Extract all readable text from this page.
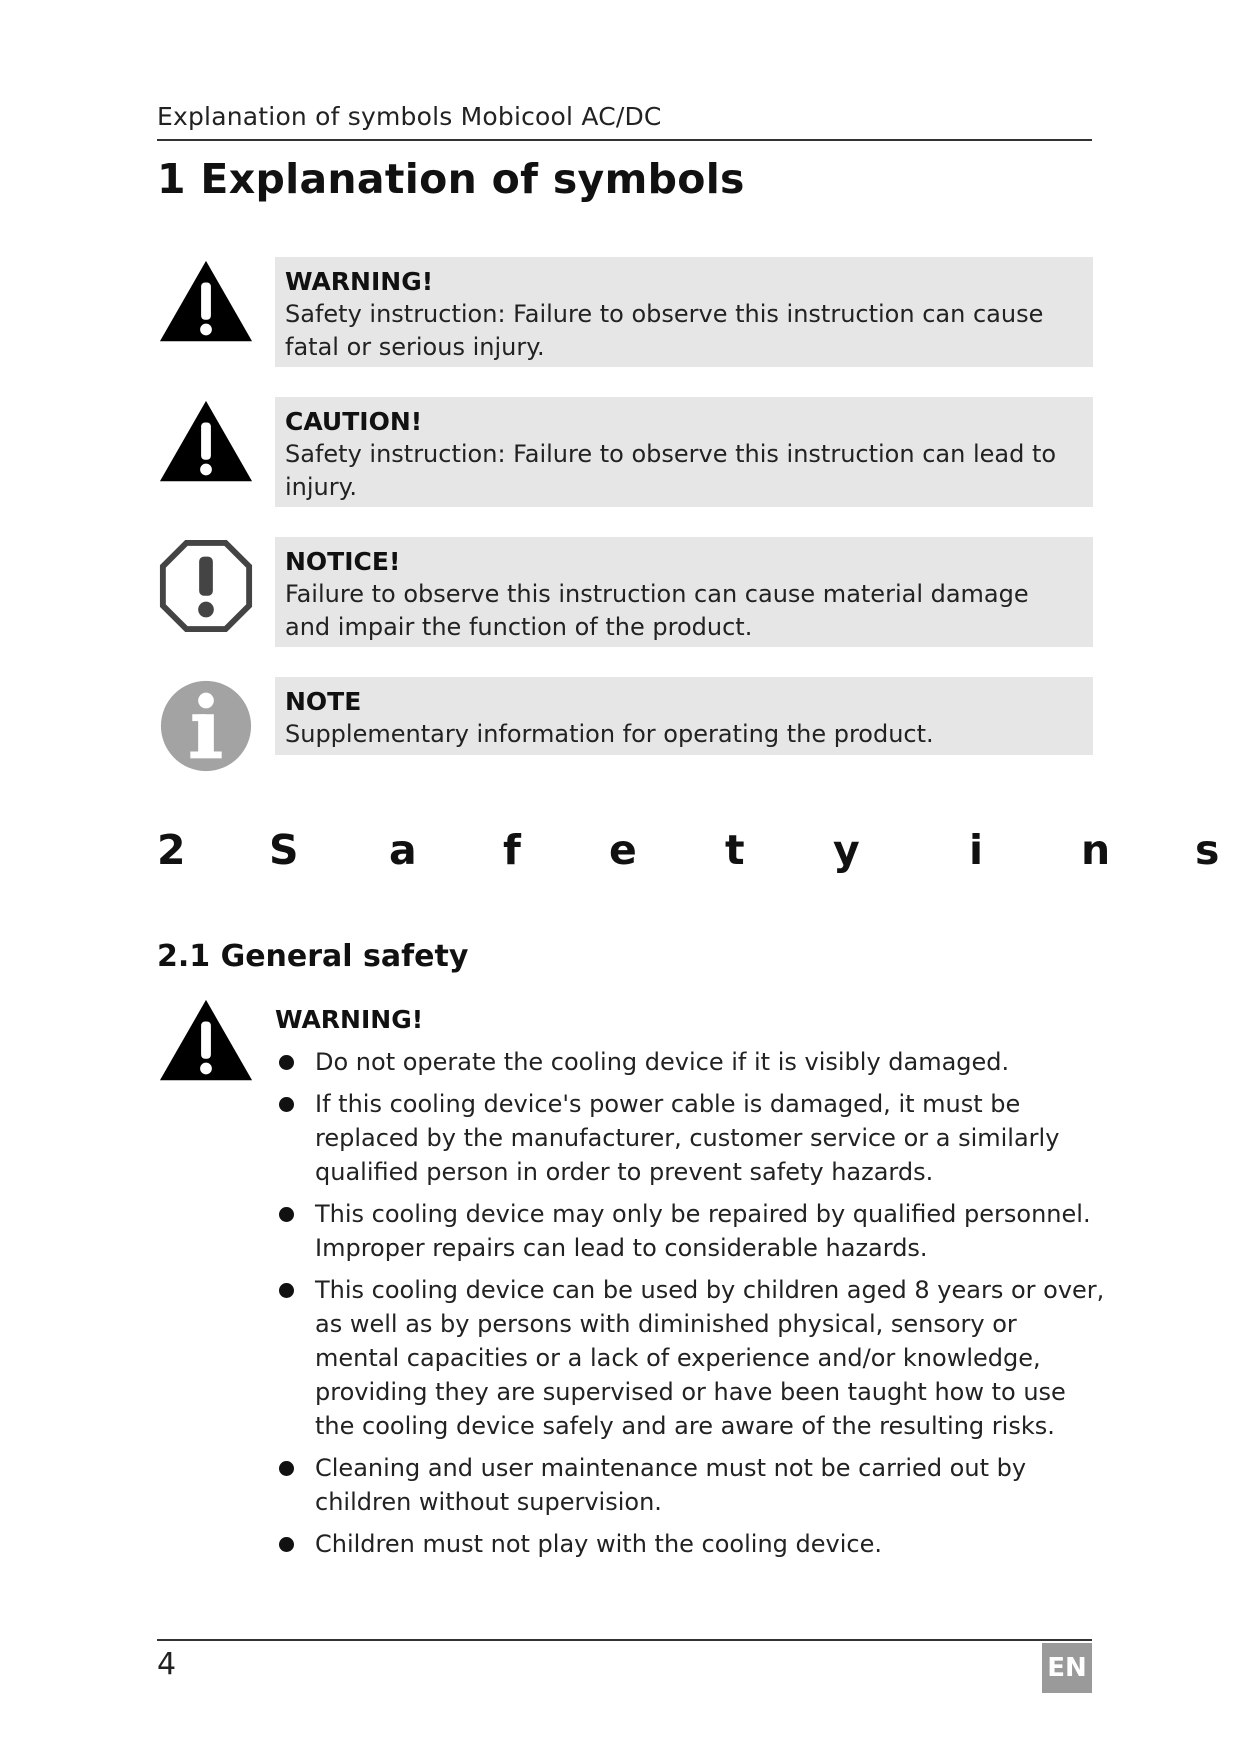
Explanation of symbols Mobicool AC/DC
1 Explanation of symbols
WARNING!
Safety instruction: Failure to observe this instruction can cause fatal or serious injury.
CAUTION!
Safety instruction: Failure to observe this instruction can lead to injury.
NOTICE!
Failure to observe this instruction can cause material damage and impair the function of the product.
NOTE
Supplementary information for operating the product.
2 S a f e t y	i n s
2.1 General safety
WARNING!
Do not operate the cooling device if it is visibly damaged.
If this cooling device's power cable is damaged, it must be replaced by the manufacturer, customer service or a similarly qualified person in order to prevent safety hazards.
This cooling device may only be repaired by qualified personnel. Improper repairs can lead to considerable hazards.
This cooling device can be used by children aged 8 years or over, as well as by persons with diminished physical, sensory or mental capacities or a lack of experience and/or knowledge, providing they are supervised or have been taught how to use the cooling device safely and are aware of the resulting risks.
Cleaning and user maintenance must not be carried out by children without supervision.
Children must not play with the cooling device.
4	EN
